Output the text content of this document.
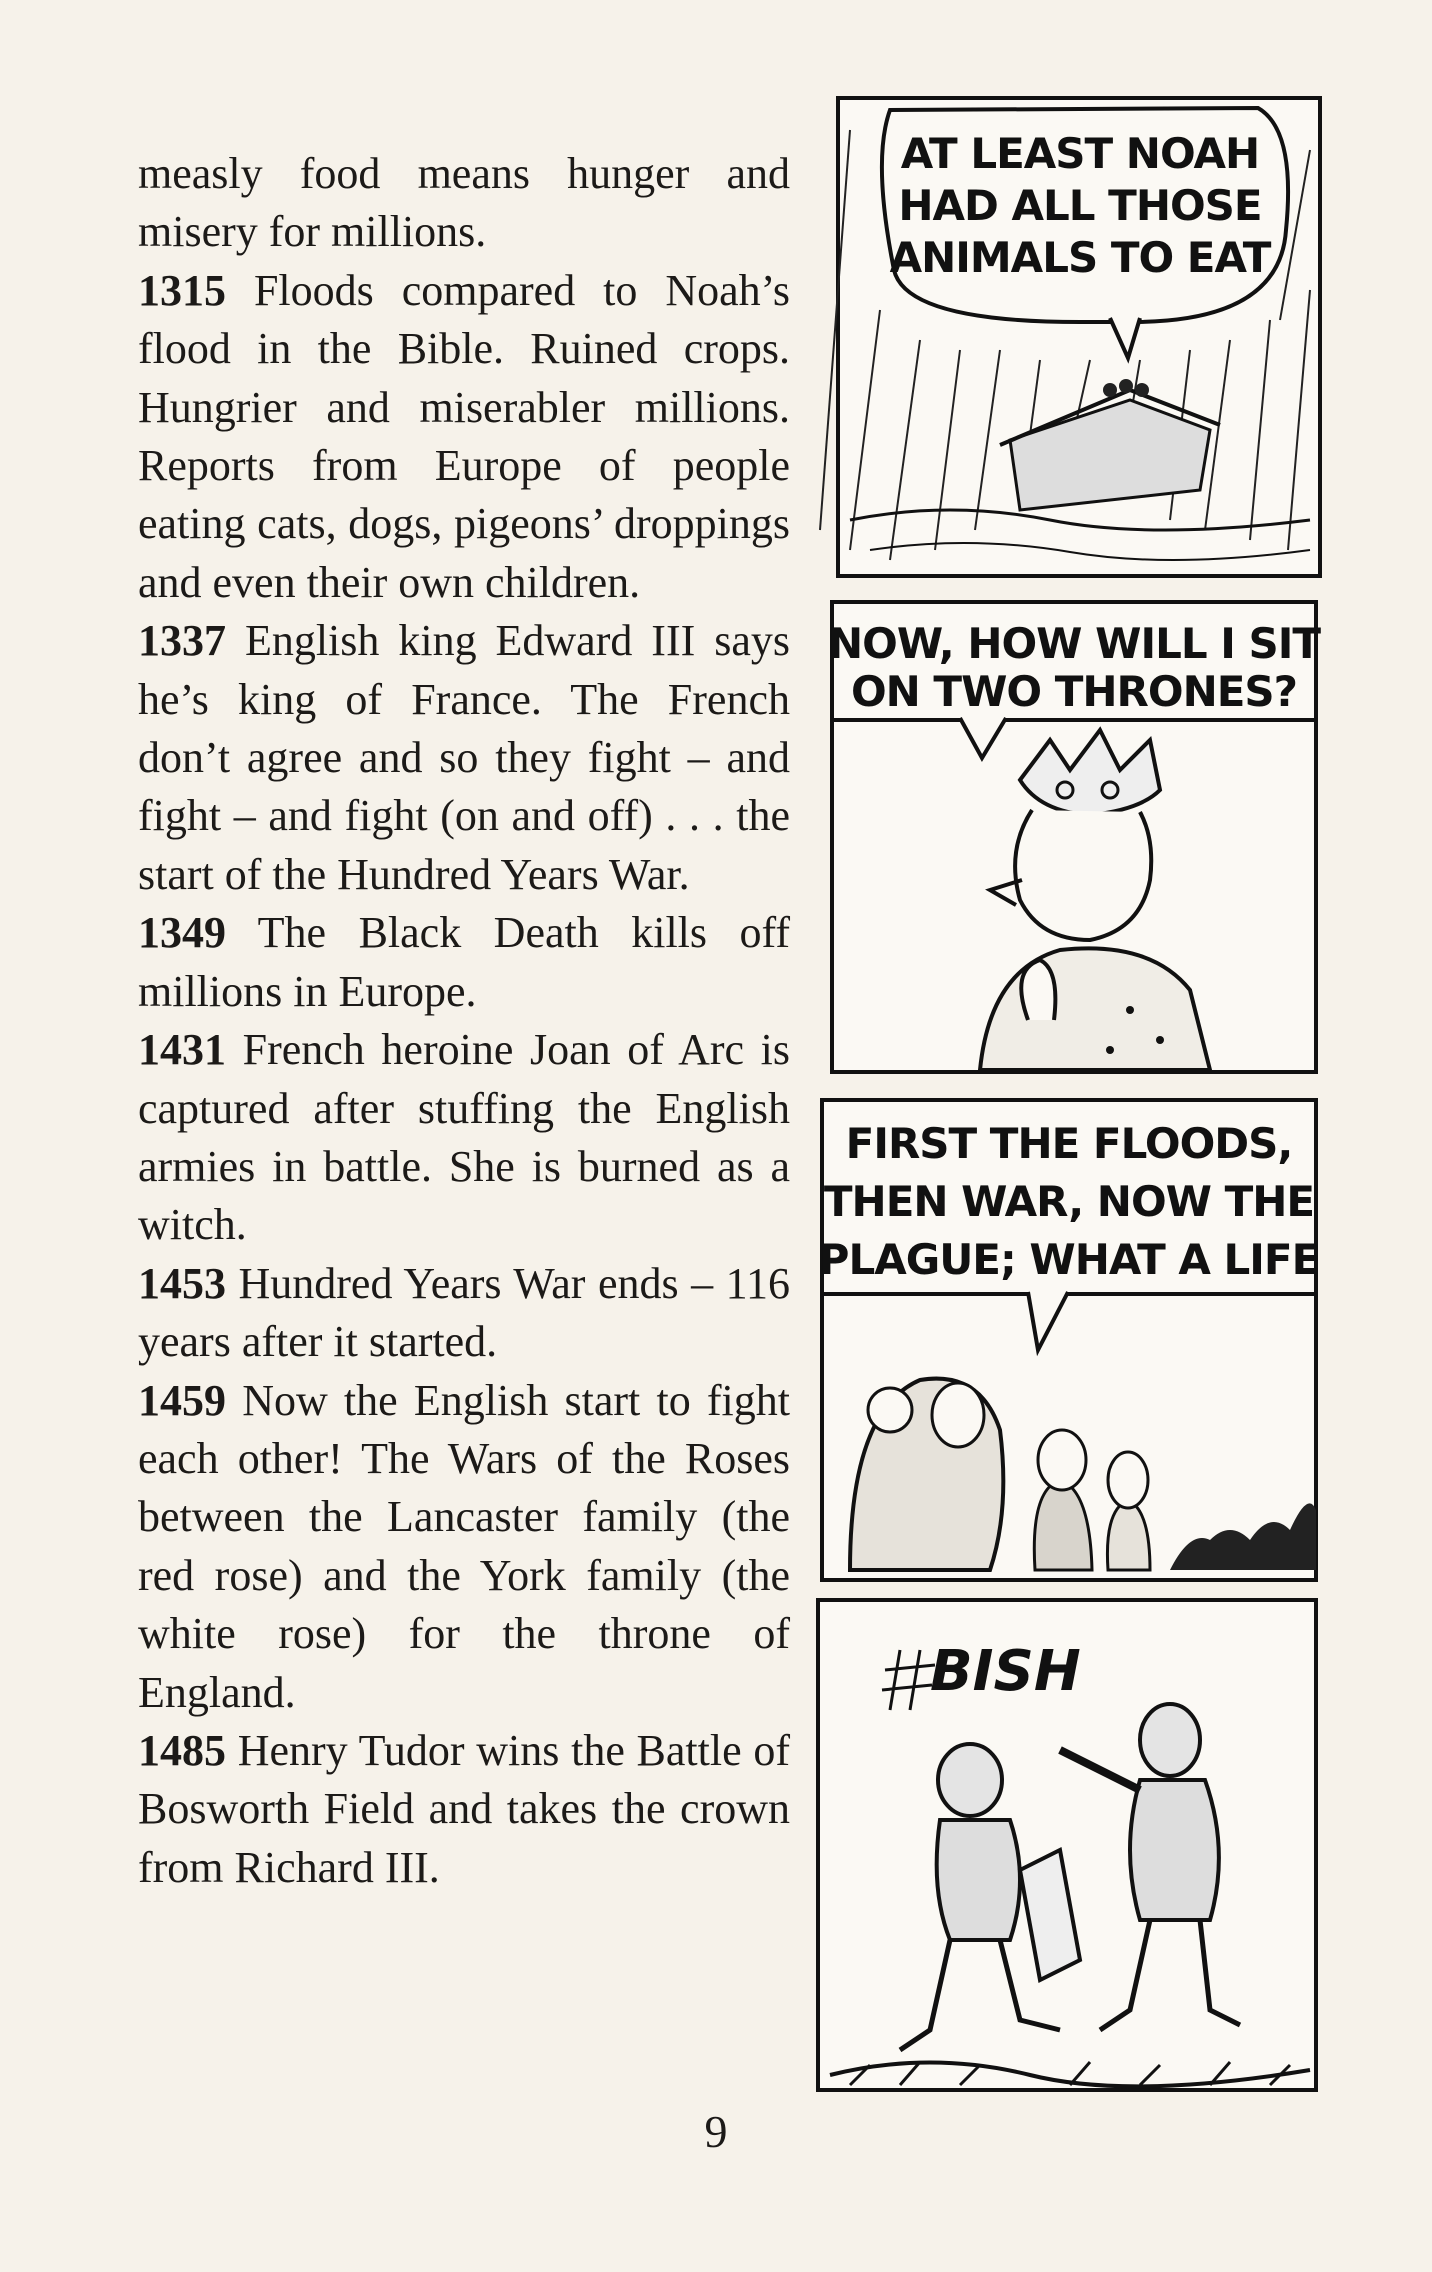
measly food means hunger and misery for millions.

1315 Floods compared to Noah’s flood in the Bible. Ruined crops. Hungrier and miserabler millions. Reports from Europe of people eating cats, dogs, pigeons’ droppings and even their own children.

1337 English king Edward III says he’s king of France. The French don’t agree and so they fight – and fight – and fight (on and off) . . . the start of the Hundred Years War.

1349 The Black Death kills off millions in Europe.

1431 French heroine Joan of Arc is captured after stuffing the English armies in battle. She is burned as a witch.

1453 Hundred Years War ends – 116 years after it started.

1459 Now the English start to fight each other! The Wars of the Roses between the Lancaster family (the red rose) and the York family (the white rose) for the throne of England.

1485 Henry Tudor wins the Battle of Bosworth Field and takes the crown from Richard III.

AT LEAST NOAH
HAD ALL THOSE
ANIMALS TO EAT
NOW, HOW WILL I SIT
ON TWO THRONES?
FIRST THE FLOODS,
THEN WAR, NOW THE
PLAGUE; WHAT A LIFE
BISH
9
